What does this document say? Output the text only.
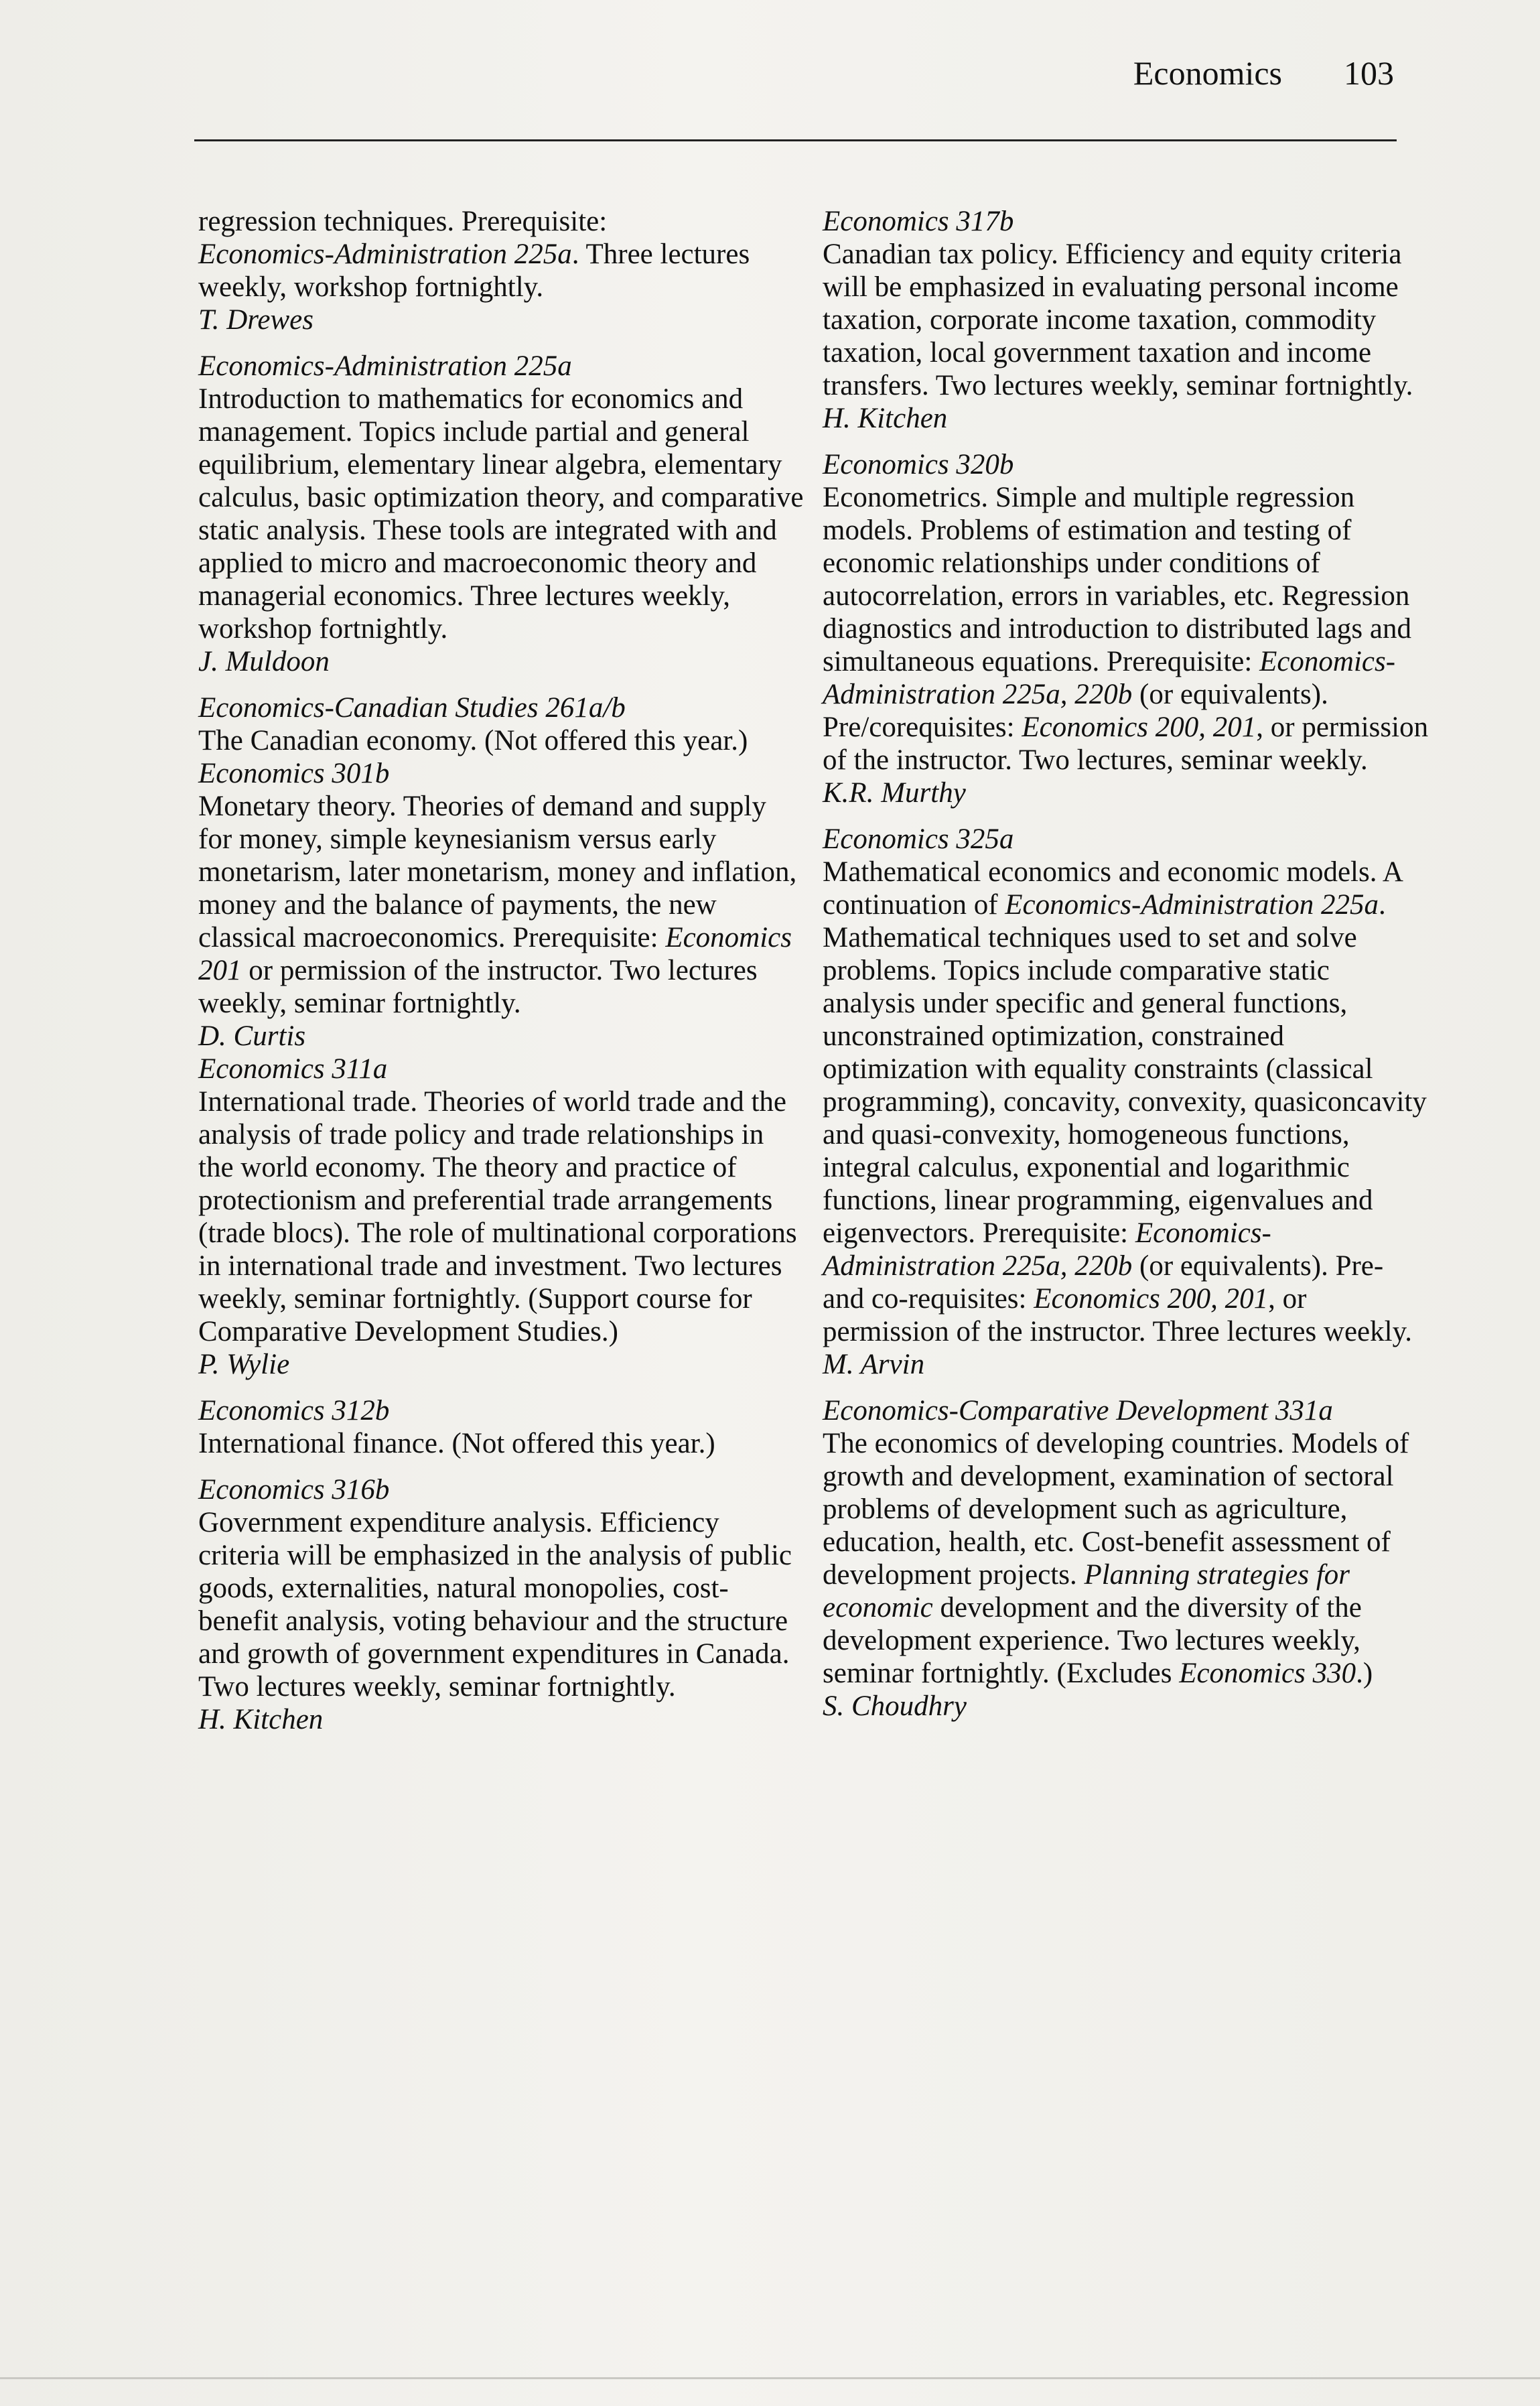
Economics 103
regression techniques. Prerequisite:
Economics-Administration 225a. Three lectures weekly, workshop fortnightly.
T. Drewes
Economics-Administration 225a
Introduction to mathematics for economics and management. Topics include partial and general equilibrium, elementary linear algebra, elementary calculus, basic optimization theory, and comparative static analysis. These tools are integrated with and applied to micro and macroeconomic theory and managerial economics. Three lectures weekly, workshop fortnightly.
J. Muldoon
Economics-Canadian Studies 261a/b
The Canadian economy. (Not offered this year.)
Economics 301b
Monetary theory. Theories of demand and supply for money, simple keynesianism versus early monetarism, later monetarism, money and inflation, money and the balance of payments, the new classical macroeconomics. Prerequisite: Economics 201 or permission of the instructor. Two lectures weekly, seminar fortnightly.
D. Curtis
Economics 311a
International trade. Theories of world trade and the analysis of trade policy and trade relationships in the world economy. The theory and practice of protectionism and preferential trade arrangements (trade blocs). The role of multinational corporations in international trade and investment. Two lectures weekly, seminar fortnightly. (Support course for Comparative Development Studies.)
P. Wylie
Economics 312b
International finance. (Not offered this year.)
Economics 316b
Government expenditure analysis. Efficiency criteria will be emphasized in the analysis of public goods, externalities, natural monopolies, cost-benefit analysis, voting behaviour and the structure and growth of government expenditures in Canada. Two lectures weekly, seminar fortnightly.
H. Kitchen
Economics 317b
Canadian tax policy. Efficiency and equity criteria will be emphasized in evaluating personal income taxation, corporate income taxation, commodity taxation, local government taxation and income transfers. Two lectures weekly, seminar fortnightly.
H. Kitchen
Economics 320b
Econometrics. Simple and multiple regression models. Problems of estimation and testing of economic relationships under conditions of autocorrelation, errors in variables, etc. Regression diagnostics and introduction to distributed lags and simultaneous equations. Prerequisite: Economics-Administration 225a, 220b (or equivalents). Pre/corequisites: Economics 200, 201, or permission of the instructor. Two lectures, seminar weekly.
K.R. Murthy
Economics 325a
Mathematical economics and economic models. A continuation of Economics-Administration 225a. Mathematical techniques used to set and solve problems. Topics include comparative static analysis under specific and general functions, unconstrained optimization, constrained optimization with equality constraints (classical programming), concavity, convexity, quasiconcavity and quasi-convexity, homogeneous functions, integral calculus, exponential and logarithmic functions, linear programming, eigenvalues and eigenvectors. Prerequisite: Economics-Administration 225a, 220b (or equivalents). Pre- and co-requisites: Economics 200, 201, or permission of the instructor. Three lectures weekly.
M. Arvin
Economics-Comparative Development 331a
The economics of developing countries. Models of growth and development, examination of sectoral problems of development such as agriculture, education, health, etc. Cost-benefit assessment of development projects. Planning strategies for economic development and the diversity of the development experience. Two lectures weekly, seminar fortnightly. (Excludes Economics 330.)
S. Choudhry
